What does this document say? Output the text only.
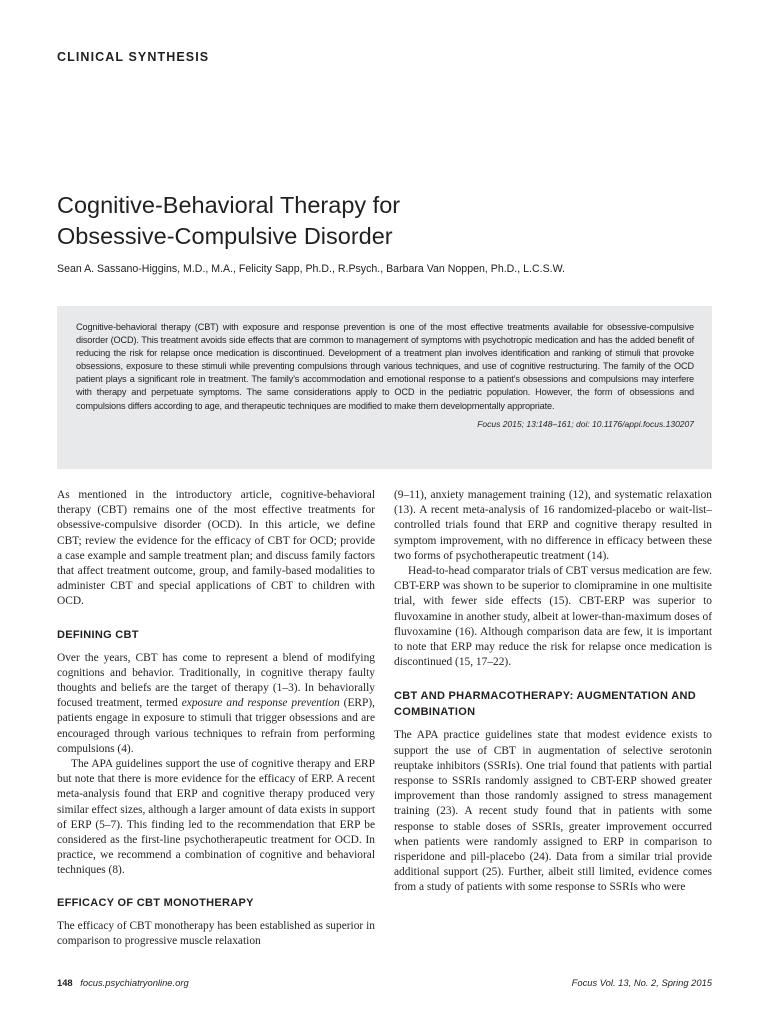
CLINICAL SYNTHESIS
Cognitive-Behavioral Therapy for
Obsessive-Compulsive Disorder
Sean A. Sassano-Higgins, M.D., M.A., Felicity Sapp, Ph.D., R.Psych., Barbara Van Noppen, Ph.D., L.C.S.W.

Cognitive-behavioral therapy (CBT) with exposure and response prevention is one of the most effective treatments available for obsessive-compulsive disorder (OCD). This treatment avoids side effects that are common to management of symptoms with psychotropic medication and has the added benefit of reducing the risk for relapse once medication is discontinued. Development of a treatment plan involves identification and ranking of stimuli that provoke obsessions, exposure to these stimuli while preventing compulsions through various techniques, and use of cognitive restructuring. The family of the OCD patient plays a significant role in treatment. The family’s accommodation and emotional response to a patient’s obsessions and compulsions may interfere with therapy and perpetuate symptoms. The same considerations apply to OCD in the pediatric population. However, the form of obsessions and compulsions differs according to age, and therapeutic techniques are modified to make them developmentally appropriate.

Focus 2015; 13:148–161; doi: 10.1176/appi.focus.130207

As mentioned in the introductory article, cognitive-behavioral therapy (CBT) remains one of the most effective treatments for obsessive-compulsive disorder (OCD). In this article, we define CBT; review the evidence for the efficacy of CBT for OCD; provide a case example and sample treatment plan; and discuss family factors that affect treatment outcome, group, and family-based modalities to administer CBT and special applications of CBT to children with OCD.

DEFINING CBT

Over the years, CBT has come to represent a blend of modifying cognitions and behavior. Traditionally, in cognitive therapy faulty thoughts and beliefs are the target of therapy (1–3). In behaviorally focused treatment, termed exposure and response prevention (ERP), patients engage in exposure to stimuli that trigger obsessions and are encouraged through various techniques to refrain from performing compulsions (4).

The APA guidelines support the use of cognitive therapy and ERP but note that there is more evidence for the efficacy of ERP. A recent meta-analysis found that ERP and cognitive therapy produced very similar effect sizes, although a larger amount of data exists in support of ERP (5–7). This finding led to the recommendation that ERP be considered as the first-line psychotherapeutic treatment for OCD. In practice, we recommend a combination of cognitive and behavioral techniques (8).

EFFICACY OF CBT MONOTHERAPY

The efficacy of CBT monotherapy has been established as superior in comparison to progressive muscle relaxation

(9–11), anxiety management training (12), and systematic relaxation (13). A recent meta-analysis of 16 randomized-placebo or wait-list–controlled trials found that ERP and cognitive therapy resulted in symptom improvement, with no difference in efficacy between these two forms of psychotherapeutic treatment (14).

Head-to-head comparator trials of CBT versus medication are few. CBT-ERP was shown to be superior to clomipramine in one multisite trial, with fewer side effects (15). CBT-ERP was superior to fluvoxamine in another study, albeit at lower-than-maximum doses of fluvoxamine (16). Although comparison data are few, it is important to note that ERP may reduce the risk for relapse once medication is discontinued (15, 17–22).

CBT AND PHARMACOTHERAPY: AUGMENTATION AND COMBINATION

The APA practice guidelines state that modest evidence exists to support the use of CBT in augmentation of selective serotonin reuptake inhibitors (SSRIs). One trial found that patients with partial response to SSRIs randomly assigned to CBT-ERP showed greater improvement than those randomly assigned to stress management training (23). A recent study found that in patients with some response to stable doses of SSRIs, greater improvement occurred when patients were randomly assigned to ERP in comparison to risperidone and pill-placebo (24). Data from a similar trial provide additional support (25). Further, albeit still limited, evidence comes from a study of patients with some response to SSRIs who were

148 focus.psychiatryonline.org	Focus Vol. 13, No. 2, Spring 2015
